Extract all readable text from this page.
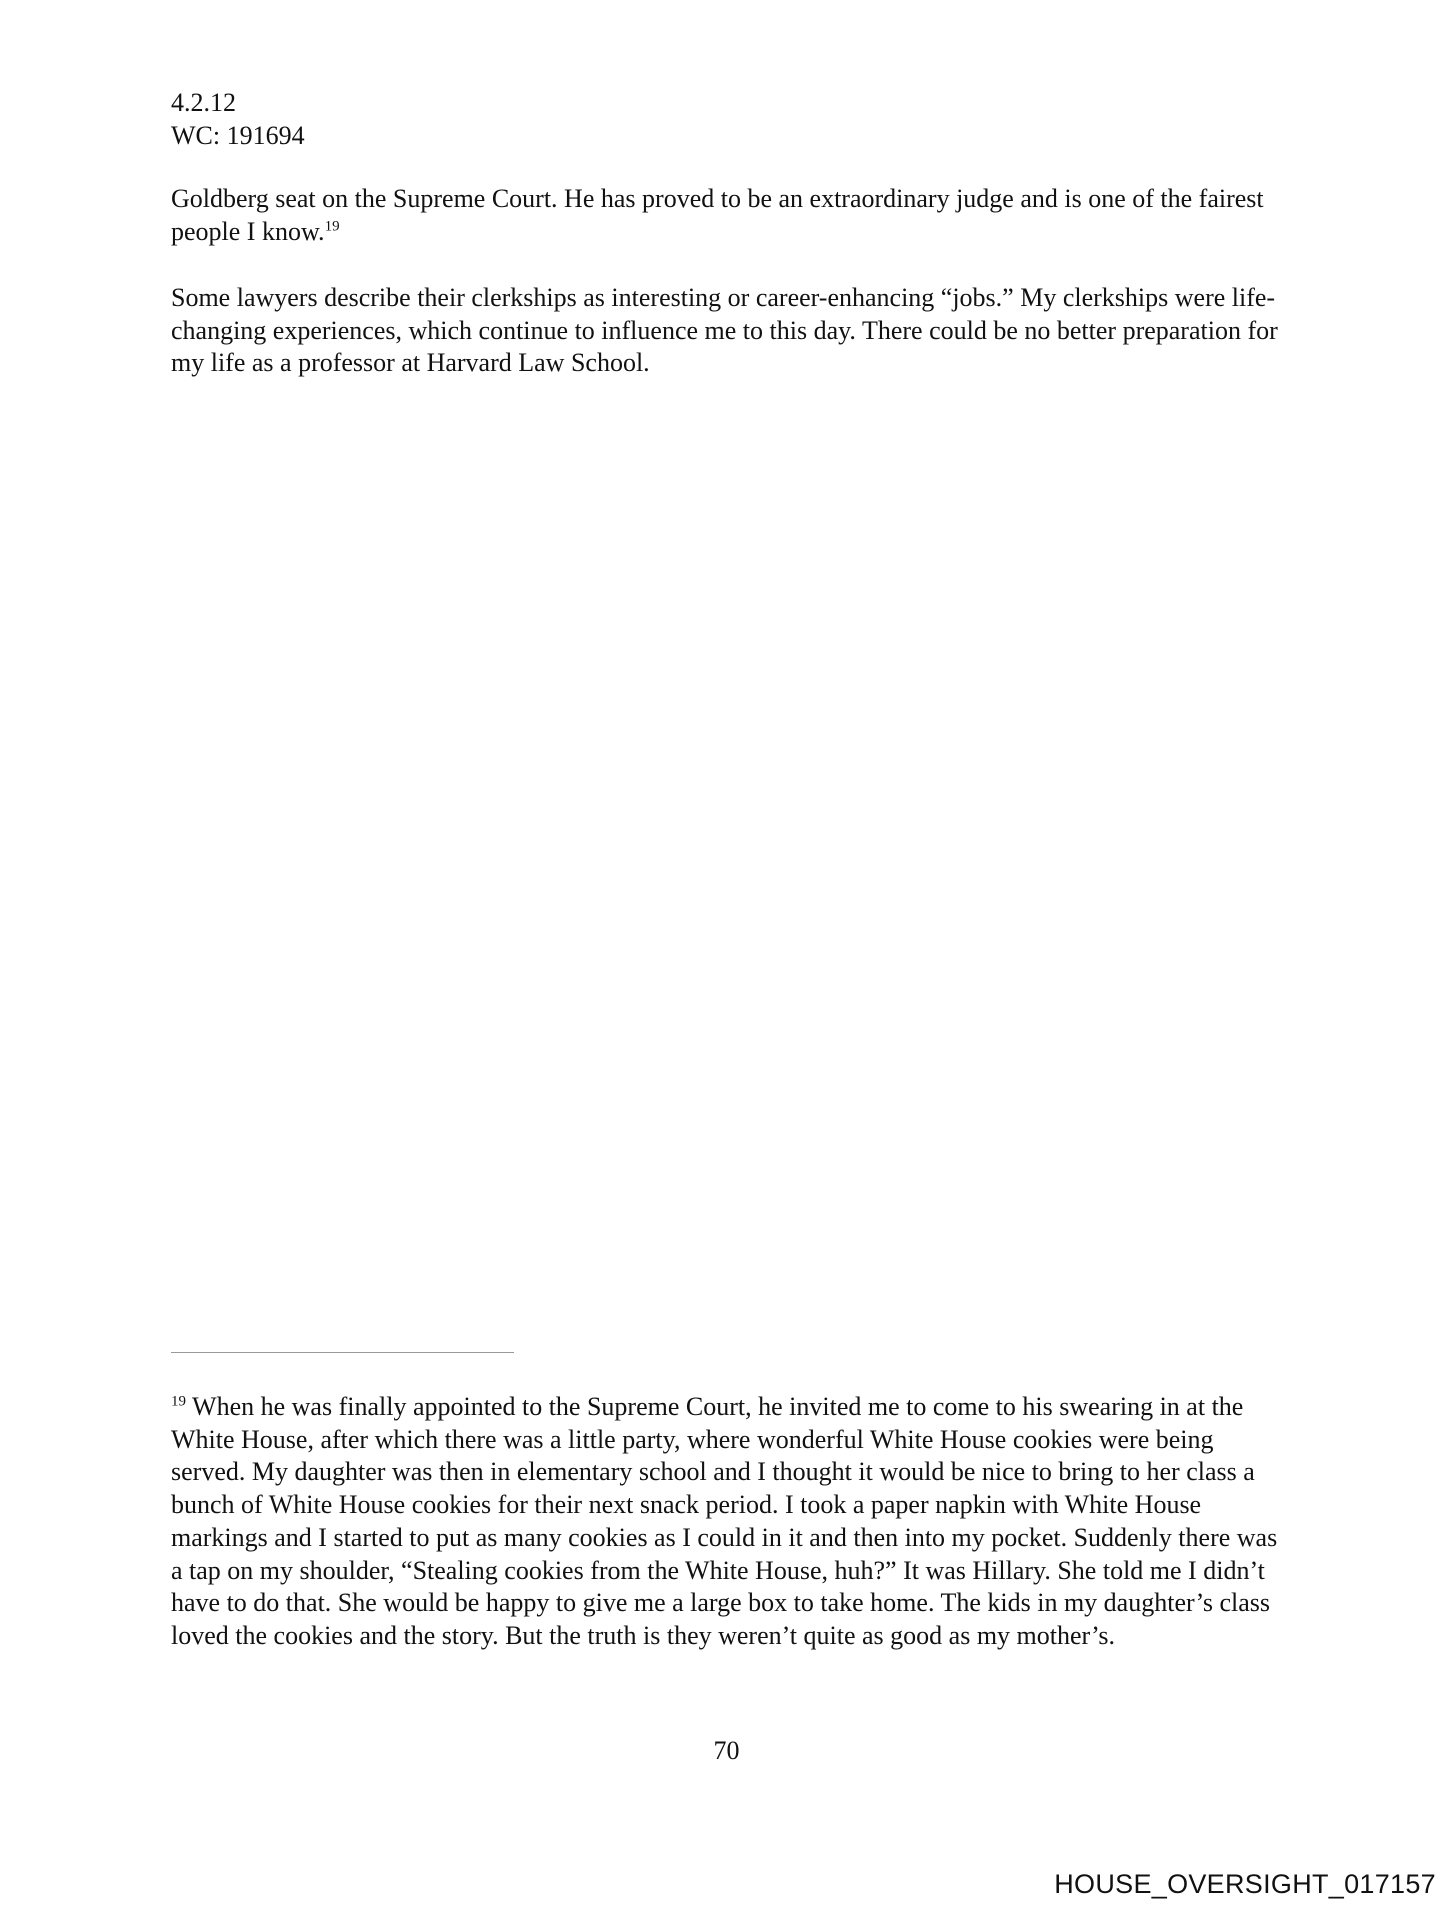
4.2.12
WC: 191694

Goldberg seat on the Supreme Court. He has proved to be an extraordinary judge and is one of the fairest people I know.$^{19}$

Some lawyers describe their clerkships as interesting or career-enhancing “jobs.” My clerkships were life-changing experiences, which continue to influence me to this day. There could be no better preparation for my life as a professor at Harvard Law School.

$^{19}$ When he was finally appointed to the Supreme Court, he invited me to come to his swearing in at the White House, after which there was a little party, where wonderful White House cookies were being served. My daughter was then in elementary school and I thought it would be nice to bring to her class a bunch of White House cookies for their next snack period. I took a paper napkin with White House markings and I started to put as many cookies as I could in it and then into my pocket. Suddenly there was a tap on my shoulder, “Stealing cookies from the White House, huh?” It was Hillary. She told me I didn’t have to do that. She would be happy to give me a large box to take home. The kids in my daughter’s class loved the cookies and the story. But the truth is they weren’t quite as good as my mother’s.

70
HOUSE_OVERSIGHT_017157
